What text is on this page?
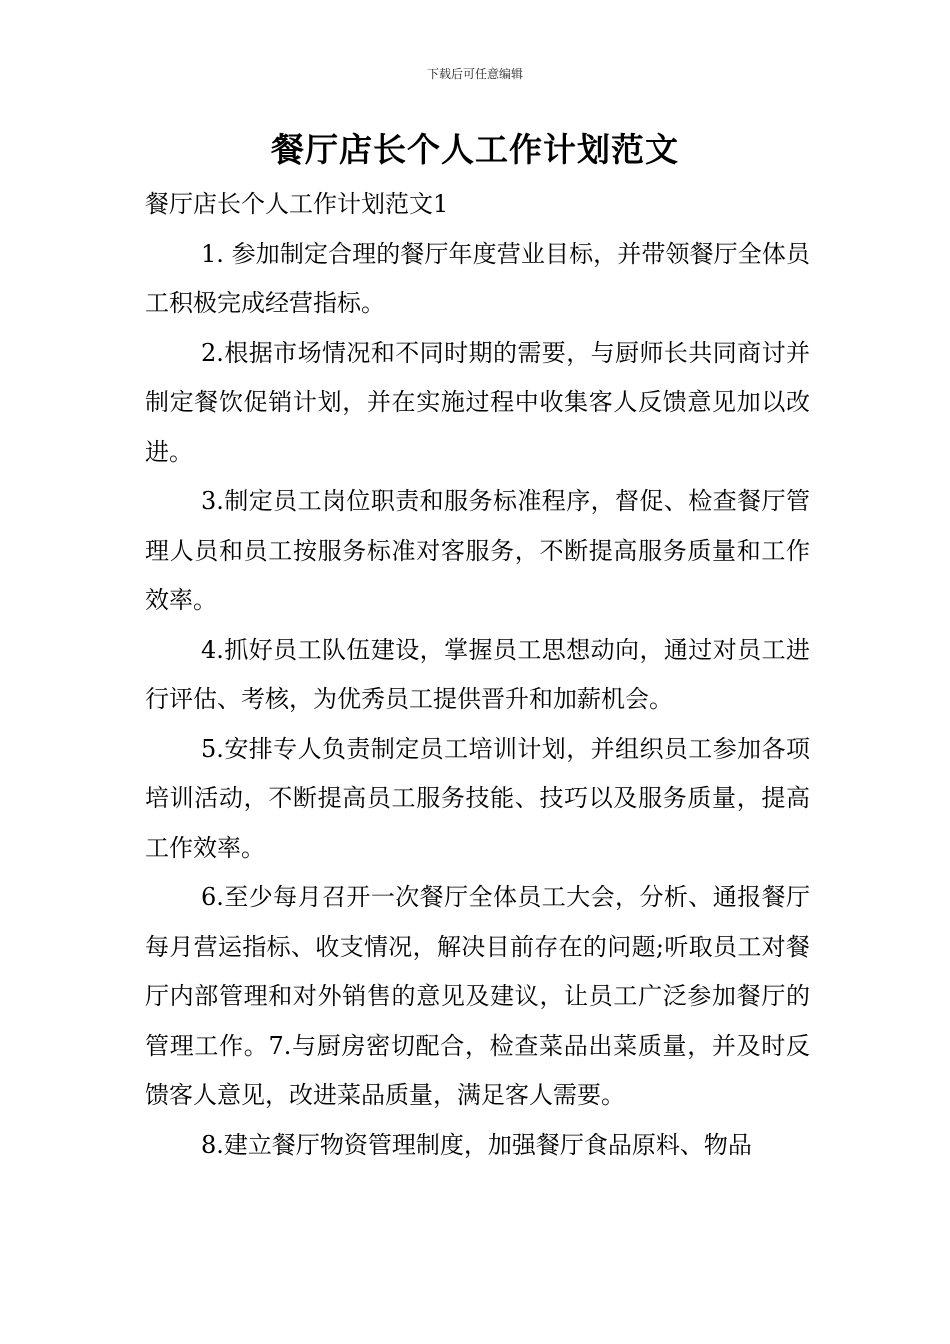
下载后可任意编辑
餐厅店长个人工作计划范文

餐厅店长个人工作计划范文1

1. 参加制定合理的餐厅年度营业目标，并带领餐厅全体员工积极完成经营指标。

2.根据市场情况和不同时期的需要，与厨师长共同商讨并制定餐饮促销计划，并在实施过程中收集客人反馈意见加以改进。

3.制定员工岗位职责和服务标准程序，督促、检查餐厅管理人员和员工按服务标准对客服务，不断提高服务质量和工作效率。

4.抓好员工队伍建设，掌握员工思想动向，通过对员工进行评估、考核，为优秀员工提供晋升和加薪机会。

5.安排专人负责制定员工培训计划，并组织员工参加各项培训活动，不断提高员工服务技能、技巧以及服务质量，提高工作效率。

6.至少每月召开一次餐厅全体员工大会，分析、通报餐厅每月营运指标、收支情况，解决目前存在的问题;听取员工对餐厅内部管理和对外销售的意见及建议，让员工广泛参加餐厅的管理工作。7.与厨房密切配合，检查菜品出菜质量，并及时反馈客人意见，改进菜品质量，满足客人需要。

8.建立餐厅物资管理制度，加强餐厅食品原料、物品
